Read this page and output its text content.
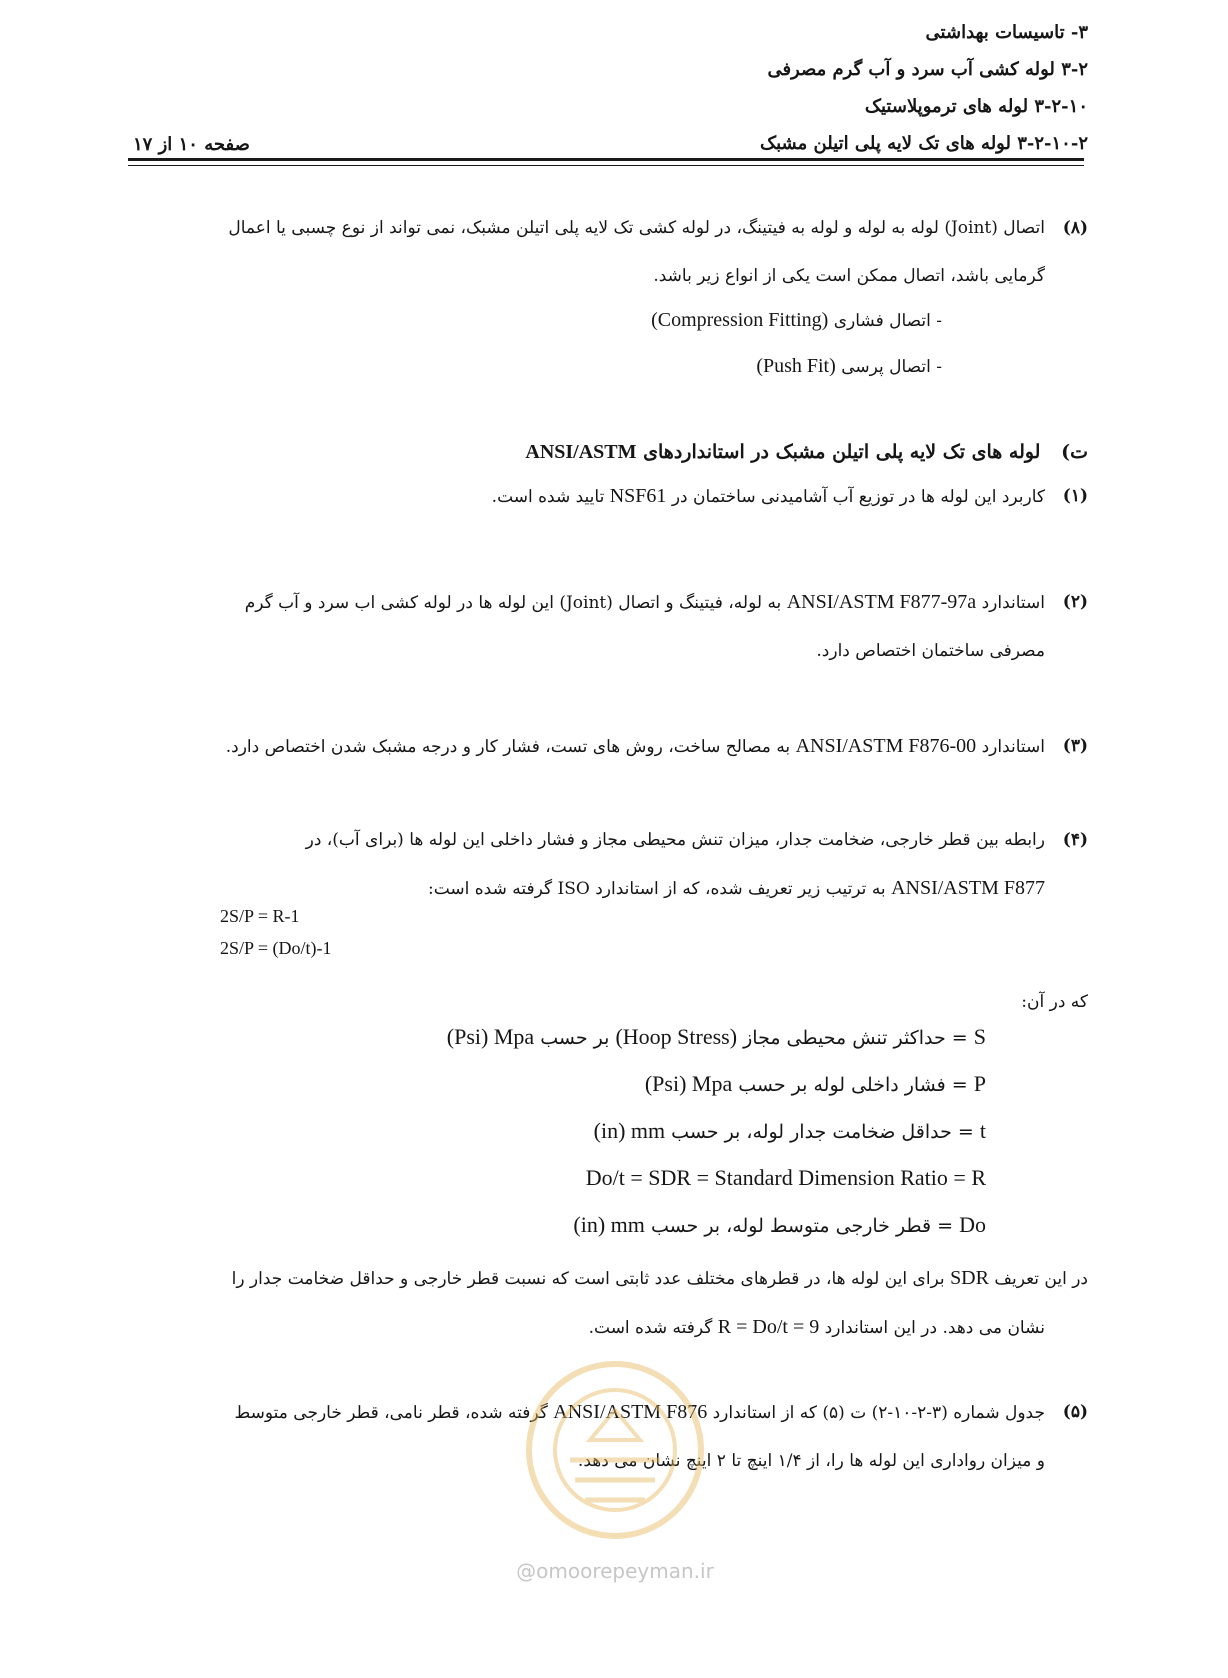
۳- تاسیسات بهداشتی
۳-۲ لوله کشی آب سرد و آب گرم مصرفی
۳-۲-۱۰ لوله های ترموپلاستیک
۳-۲-۱۰-۲ لوله های تک لایه پلی اتیلن مشبک
صفحه ۱۰ از ۱۷
(۸)
اتصال (Joint) لوله به لوله و لوله به فیتینگ، در لوله کشی تک لایه پلی اتیلن مشبک، نمی تواند از نوع چسبی یا اعمال
گرمایی باشد، اتصال ممکن است یکی از انواع زیر باشد.
- اتصال فشاری (Compression Fitting)
- اتصال پرسی (Push Fit)
ت) لوله های تک لایه پلی اتیلن مشبک در استانداردهای ANSI/ASTM
(۱)
کاربرد این لوله ها در توزیع آب آشامیدنی ساختمان در NSF61 تایید شده است.
(۲)
استاندارد ANSI/ASTM F877-97a به لوله، فیتینگ و اتصال (Joint) این لوله ها در لوله کشی اب سرد و آب گرم
مصرفی ساختمان اختصاص دارد.
(۳)
استاندارد ANSI/ASTM F876-00 به مصالح ساخت، روش های تست، فشار کار و درجه مشبک شدن اختصاص دارد.
(۴)
رابطه بین قطر خارجی، ضخامت جدار، میزان تنش محیطی مجاز و فشار داخلی این لوله ها (برای آب)، در
ANSI/ASTM F877 به ترتیب زیر تعریف شده، که از استاندارد ISO گرفته شده است:
2S/P = R-1
2S/P = (Do/t)-1
که در آن:
S = حداکثر تنش محیطی مجاز (Hoop Stress) بر حسب (Psi) Mpa
P = فشار داخلی لوله بر حسب (Psi) Mpa
t = حداقل ضخامت جدار لوله، بر حسب (in) mm
Do/t = SDR = Standard Dimension Ratio = R
Do = قطر خارجی متوسط لوله، بر حسب (in) mm
در این تعریف SDR برای این لوله ها، در قطرهای مختلف عدد ثابتی است که نسبت قطر خارجی و حداقل ضخامت جدار را
نشان می دهد. در این استاندارد R = Do/t = 9 گرفته شده است.
(۵)
جدول شماره (۳-۲-۱۰-۲) ت (۵) که از استاندارد ANSI/ASTM F876 گرفته شده، قطر نامی، قطر خارجی متوسط
و میزان رواداری این لوله ها را، از ۱/۴ اینچ تا ۲ اینچ نشان می دهد.
@omoorepeyman.ir
